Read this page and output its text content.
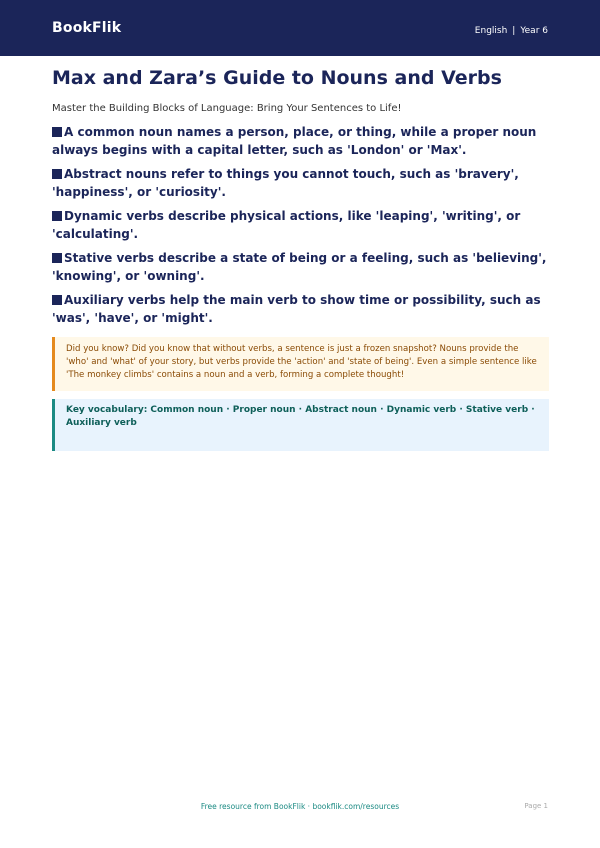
BookFlik	English | Year 6
Max and Zara’s Guide to Nouns and Verbs

Master the Building Blocks of Language: Bring Your Sentences to Life!

A common noun names a person, place, or thing, while a proper noun always begins with a capital letter, such as 'London' or 'Max'.
Abstract nouns refer to things you cannot touch, such as 'bravery', 'happiness', or 'curiosity'.
Dynamic verbs describe physical actions, like 'leaping', 'writing', or 'calculating'.
Stative verbs describe a state of being or a feeling, such as 'believing', 'knowing', or 'owning'.
Auxiliary verbs help the main verb to show time or possibility, such as 'was', 'have', or 'might'.
Did you know? Did you know that without verbs, a sentence is just a frozen snapshot? Nouns provide the 'who' and 'what' of your story, but verbs provide the 'action' and 'state of being'. Even a simple sentence like 'The monkey climbs' contains a noun and a verb, forming a complete thought!
Key vocabulary: Common noun · Proper noun · Abstract noun · Dynamic verb · Stative verb · Auxiliary verb
Free resource from BookFlik · bookflik.com/resources	Page 1
